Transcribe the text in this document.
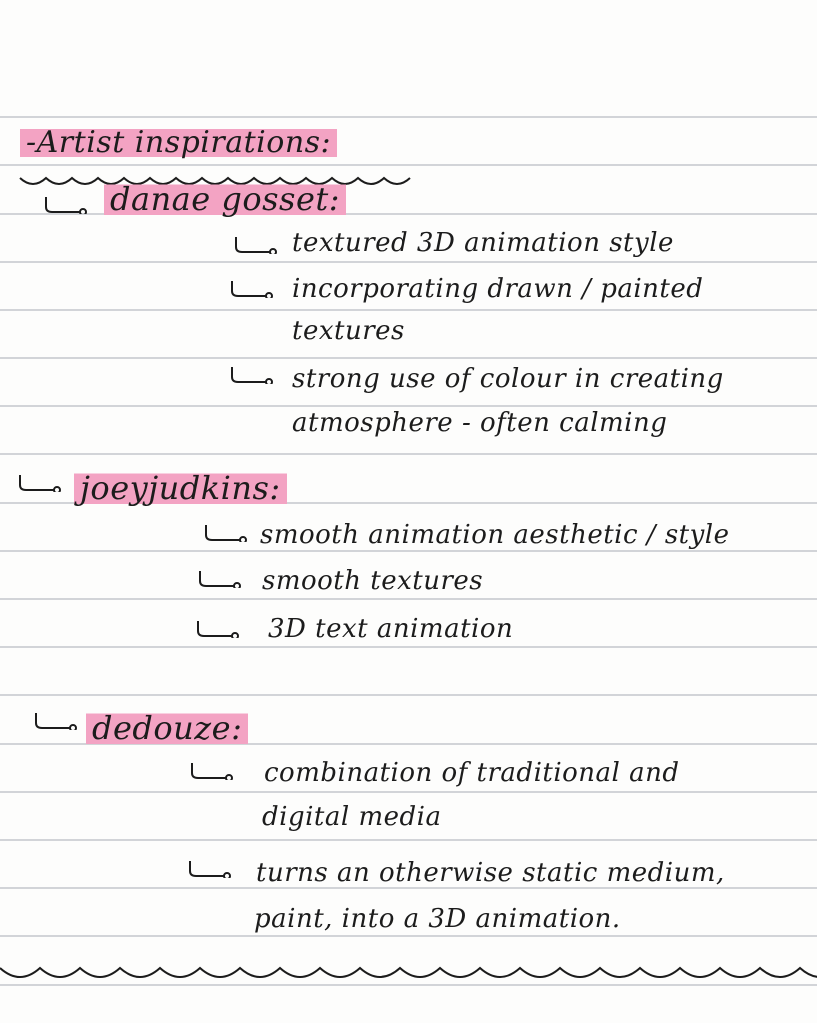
-Artist inspirations:
danae gosset:
textured 3D animation style
incorporating drawn / painted
textures
strong use of colour in creating
atmosphere - often calming
joeyjudkins:
smooth animation aesthetic / style
smooth textures
3D text animation
dedouze:
combination of traditional and
digital media
turns an otherwise static medium,
paint, into a 3D animation.
